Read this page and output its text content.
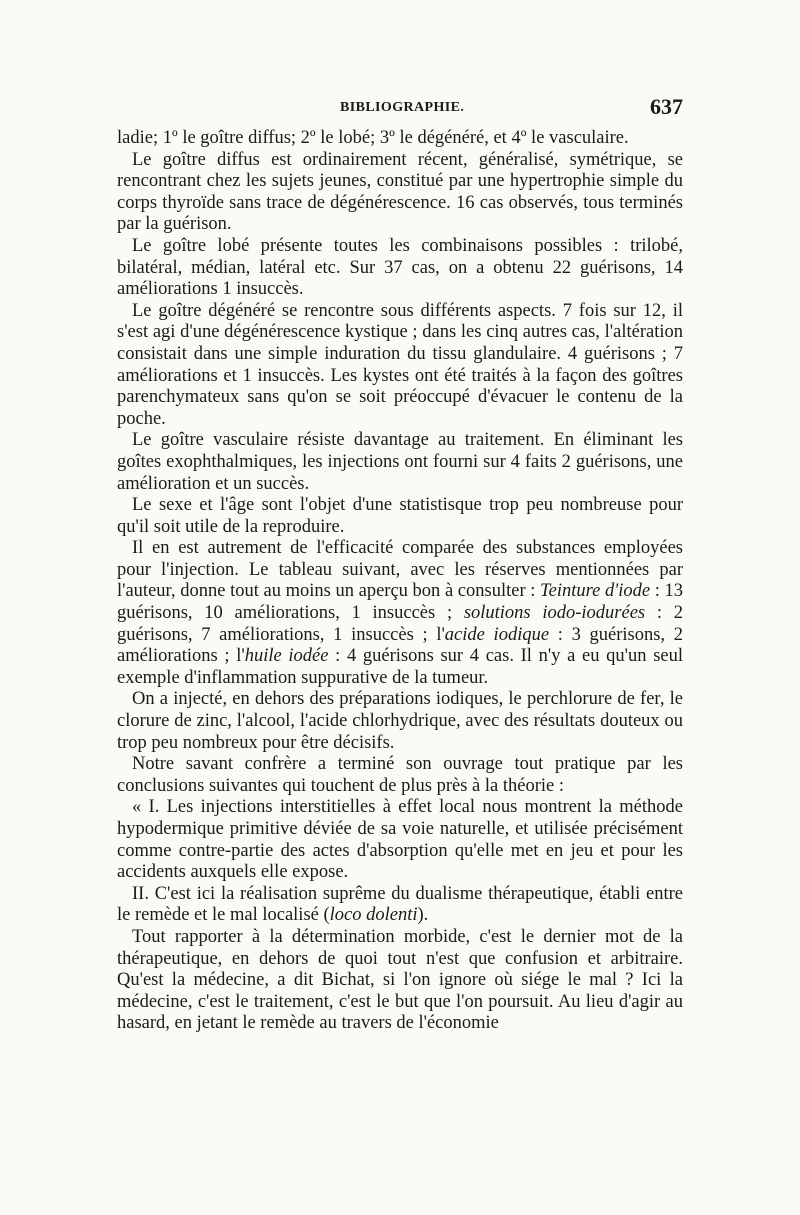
BIBLIOGRAPHIE.	637

ladie; 1º le goître diffus; 2º le lobé; 3º le dégénéré, et 4º le vasculaire.

Le goître diffus est ordinairement récent, généralisé, symétrique, se rencontrant chez les sujets jeunes, constitué par une hypertrophie simple du corps thyroïde sans trace de dégénérescence. 16 cas observés, tous terminés par la guérison.

Le goître lobé présente toutes les combinaisons possibles : trilobé, bilatéral, médian, latéral etc. Sur 37 cas, on a obtenu 22 guérisons, 14 améliorations 1 insuccès.

Le goître dégénéré se rencontre sous différents aspects. 7 fois sur 12, il s'est agi d'une dégénérescence kystique ; dans les cinq autres cas, l'altération consistait dans une simple induration du tissu glandulaire. 4 guérisons ; 7 améliorations et 1 insuccès. Les kystes ont été traités à la façon des goîtres parenchymateux sans qu'on se soit préoccupé d'évacuer le contenu de la poche.

Le goître vasculaire résiste davantage au traitement. En éliminant les goîtes exophthalmiques, les injections ont fourni sur 4 faits 2 guérisons, une amélioration et un succès.

Le sexe et l'âge sont l'objet d'une statistisque trop peu nombreuse pour qu'il soit utile de la reproduire.

Il en est autrement de l'efficacité comparée des substances employées pour l'injection. Le tableau suivant, avec les réserves mentionnées par l'auteur, donne tout au moins un aperçu bon à consulter : Teinture d'iode : 13 guérisons, 10 améliorations, 1 insuccès ; solutions iodo-iodurées : 2 guérisons, 7 améliorations, 1 insuccès ; l'acide iodique : 3 guérisons, 2 améliorations ; l'huile iodée : 4 guérisons sur 4 cas. Il n'y a eu qu'un seul exemple d'inflammation suppurative de la tumeur.

On a injecté, en dehors des préparations iodiques, le perchlorure de fer, le clorure de zinc, l'alcool, l'acide chlorhydrique, avec des résultats douteux ou trop peu nombreux pour être décisifs.

Notre savant confrère a terminé son ouvrage tout pratique par les conclusions suivantes qui touchent de plus près à la théorie :

« I. Les injections interstitielles à effet local nous montrent la méthode hypodermique primitive déviée de sa voie naturelle, et utilisée précisément comme contre-partie des actes d'absorption qu'elle met en jeu et pour les accidents auxquels elle expose.

II. C'est ici la réalisation suprême du dualisme thérapeutique, établi entre le remède et le mal localisé (loco dolenti).

Tout rapporter à la détermination morbide, c'est le dernier mot de la thérapeutique, en dehors de quoi tout n'est que confusion et arbitraire. Qu'est la médecine, a dit Bichat, si l'on ignore où siége le mal ? Ici la médecine, c'est le traitement, c'est le but que l'on poursuit. Au lieu d'agir au hasard, en jetant le remède au travers de l'économie
